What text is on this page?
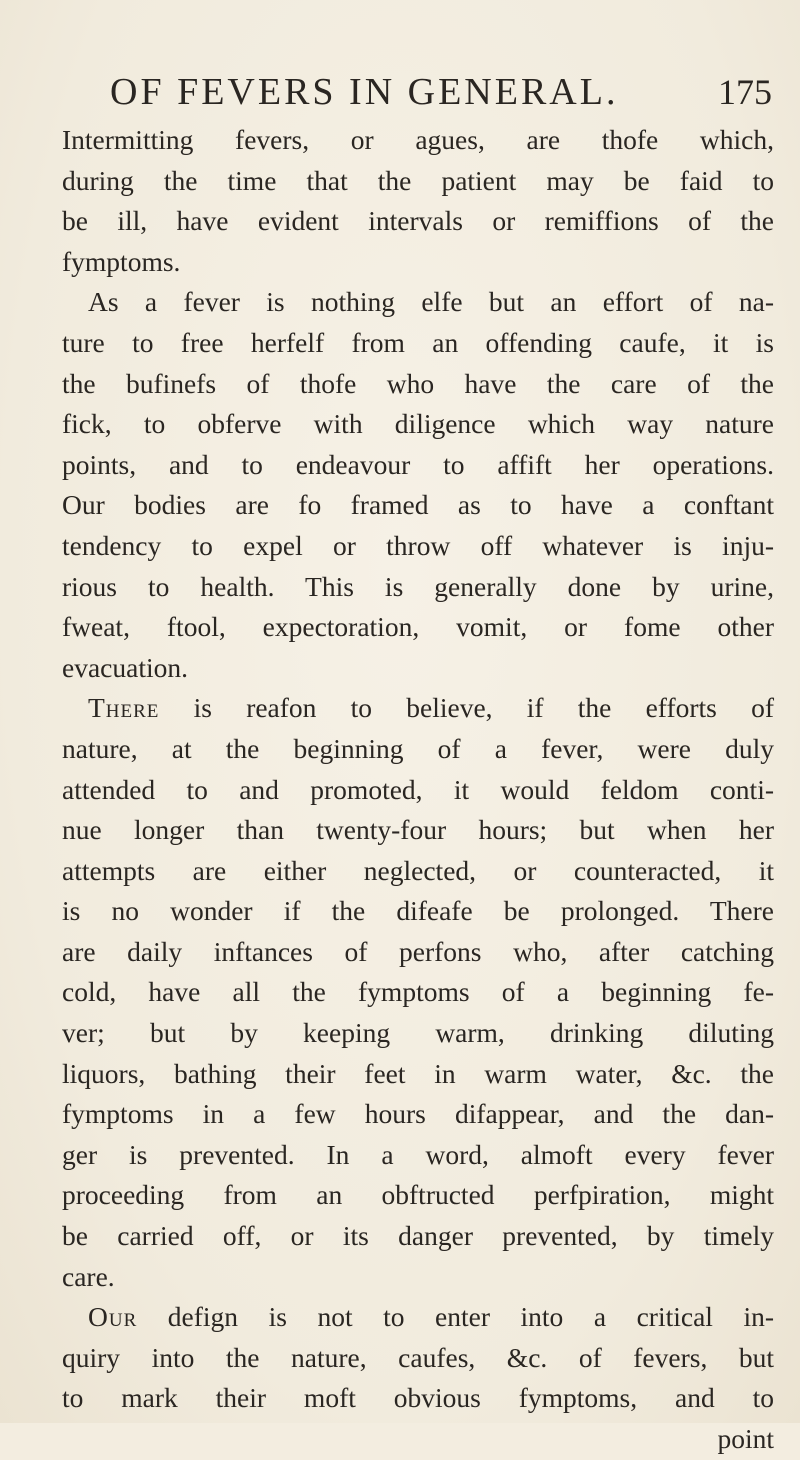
OF FEVERS IN GENERAL.	175
Intermitting fevers, or agues, are thofe which,
during the time that the patient may be faid to
be ill, have evident intervals or remiffions of the
fymptoms.
As a fever is nothing elfe but an effort of na-
ture to free herfelf from an offending caufe, it is
the bufinefs of thofe who have the care of the
fick, to obferve with diligence which way nature
points, and to endeavour to affift her operations.
Our bodies are fo framed as to have a conftant
tendency to expel or throw off whatever is inju-
rious to health. This is generally done by urine,
fweat, ftool, expectoration, vomit, or fome other
evacuation.
There is reafon to believe, if the efforts of
nature, at the beginning of a fever, were duly
attended to and promoted, it would feldom conti-
nue longer than twenty-four hours; but when her
attempts are either neglected, or counteracted, it
is no wonder if the difeafe be prolonged. There
are daily inftances of perfons who, after catching
cold, have all the fymptoms of a beginning fe-
ver; but by keeping warm, drinking diluting
liquors, bathing their feet in warm water, &c. the
fymptoms in a few hours difappear, and the dan-
ger is prevented. In a word, almoft every fever
proceeding from an obftructed perfpiration, might
be carried off, or its danger prevented, by timely
care.
Our defign is not to enter into a critical in-
quiry into the nature, caufes, &c. of fevers, but
to mark their moft obvious fymptoms, and to
point
